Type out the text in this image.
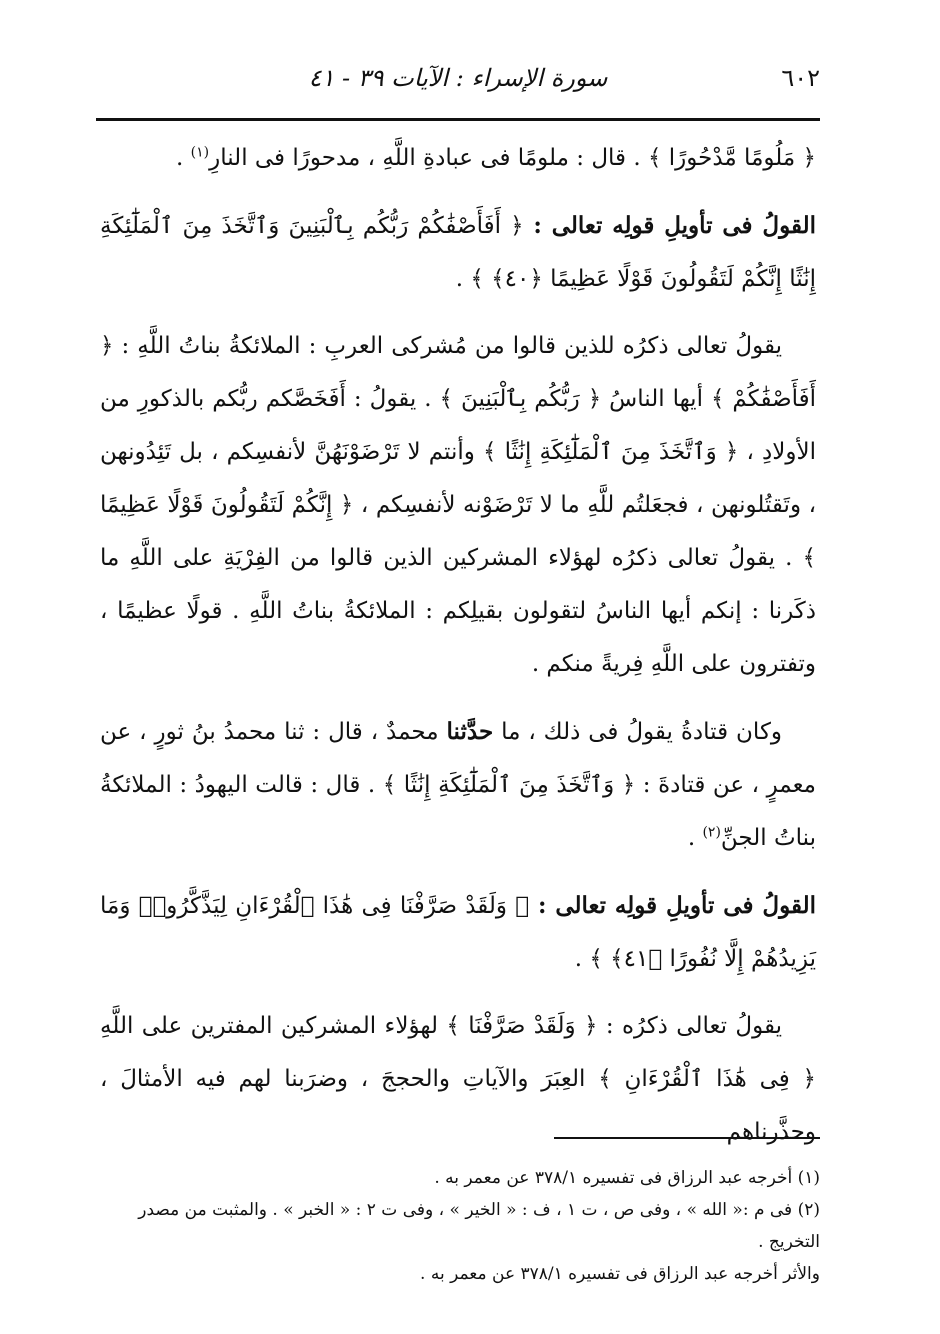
٦٠٢
سورة الإسراء : الآيات ٣٩ - ٤١

﴿ مَلُومًا مَّدْحُورًا ﴾ . قال : ملومًا فى عبادةِ اللَّهِ ، مدحورًا فى النارِ$^{(١)}$ .

القولُ فى تأويلِ قولِه تعالى : ﴿ أَفَأَصْفَٰكُمْ رَبُّكُم بِٱلْبَنِينَ وَٱتَّخَذَ مِنَ ٱلْمَلَٰٓئِكَةِ إِنَٰثًا إِنَّكُمْ لَتَقُولُونَ قَوْلًا عَظِيمًا ﴿٤٠﴾ ﴾ .

يقولُ تعالى ذكرُه للذين قالوا من مُشركى العربِ : الملائكةُ بناتُ اللَّهِ : ﴿ أَفَأَصْفَٰكُمْ ﴾ أيها الناسُ ﴿ رَبُّكُم بِٱلْبَنِينَ ﴾ . يقولُ : أَفَخَصَّكم ربُّكم بالذكورِ من الأولادِ ، ﴿ وَٱتَّخَذَ مِنَ ٱلْمَلَٰٓئِكَةِ إِنَٰثًا ﴾ وأنتم لا تَرْضَوْنَهُنَّ لأنفسِكم ، بل تَئِدُونهن ، وتَقتُلونهن ، فجعَلتُم للَّهِ ما لا تَرْضَوْنه لأنفسِكم ، ﴿ إِنَّكُمْ لَتَقُولُونَ قَوْلًا عَظِيمًا ﴾ . يقولُ تعالى ذكرُه لهؤلاء المشركين الذين قالوا من الفِرْيَةِ على اللَّهِ ما ذكَرنا : إنكم أيها الناسُ لتقولون بقيلِكم : الملائكةُ بناتُ اللَّهِ . قولًا عظيمًا ، وتفترون على اللَّهِ فِريةً منكم .

وكان قتادةُ يقولُ فى ذلك ، ما حدَّثنا محمدٌ ، قال : ثنا محمدُ بنُ ثورٍ ، عن معمرٍ ، عن قتادةَ : ﴿ وَٱتَّخَذَ مِنَ ٱلْمَلَٰٓئِكَةِ إِنَٰثًا ﴾ . قال : قالت اليهودُ : الملائكةُ بناتُ الجنِّ$^{(٢)}$ .

القولُ فى تأويلِ قولِه تعالى : ﴿ وَلَقَدْ صَرَّفْنَا فِى هَٰذَا ٱلْقُرْءَانِ لِيَذَّكَّرُوا۟ وَمَا يَزِيدُهُمْ إِلَّا نُفُورًا ﴿٤١﴾ ﴾ .

يقولُ تعالى ذكرُه : ﴿ وَلَقَدْ صَرَّفْنَا ﴾ لهؤلاء المشركين المفترين على اللَّهِ ﴿ فِى هَٰذَا ٱلْقُرْءَانِ ﴾ العِبَرَ والآياتِ والحججَ ، وضرَبنا لهم فيه الأمثالَ ، وحذَّرناهم

(١) أخرجه عبد الرزاق فى تفسيره ٣٧٨/١ عن معمر به .

(٢) فى م :« الله » ، وفى ص ، ت ١ ، ف : « الخير » ، وفى ت ٢ : « الخبر » . والمثبت من مصدر التخريج .

والأثر أخرجه عبد الرزاق فى تفسيره ٣٧٨/١ عن معمر به .
